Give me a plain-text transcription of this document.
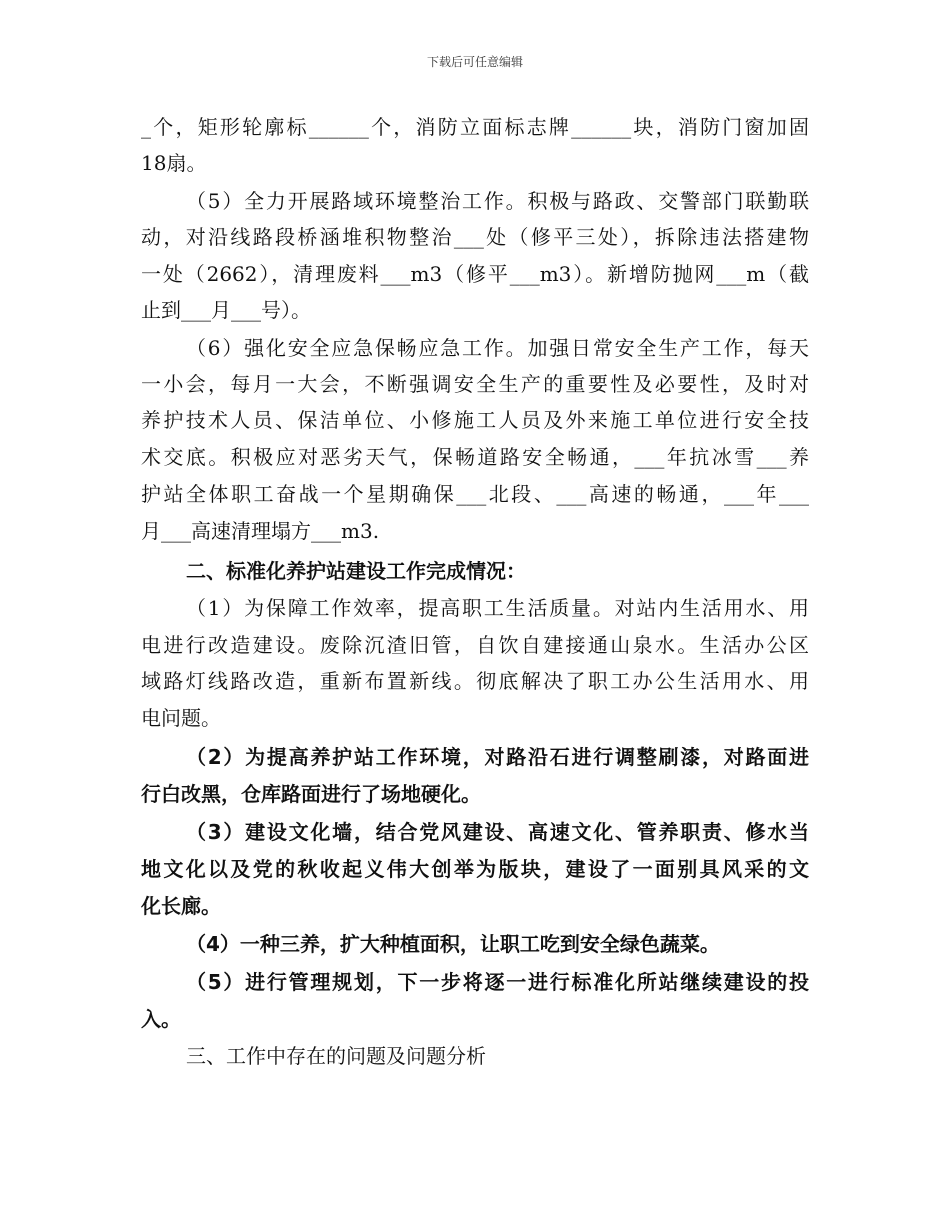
下载后可任意编辑
_个，矩形轮廓标______个，消防立面标志牌______块，消防门窗加固
18扇。
（5）全力开展路域环境整治工作。积极与路政、交警部门联勤联
动，对沿线路段桥涵堆积物整治___处（修平三处），拆除违法搭建物
一处（2662），清理废料___m3（修平___m3）。新增防抛网___m（截
止到___月___号）。
（6）强化安全应急保畅应急工作。加强日常安全生产工作，每天
一小会，每月一大会，不断强调安全生产的重要性及必要性，及时对
养护技术人员、保洁单位、小修施工人员及外来施工单位进行安全技
术交底。积极应对恶劣天气，保畅道路安全畅通，___年抗冰雪___养
护站全体职工奋战一个星期确保___北段、___高速的畅通，___年___
月___高速清理塌方___m3.
二、标准化养护站建设工作完成情况：
（1）为保障工作效率，提高职工生活质量。对站内生活用水、用
电进行改造建设。废除沉渣旧管，自饮自建接通山泉水。生活办公区
域路灯线路改造，重新布置新线。彻底解决了职工办公生活用水、用
电问题。
（2）为提高养护站工作环境，对路沿石进行调整刷漆，对路面进
行白改黑，仓库路面进行了场地硬化。
（3）建设文化墙，结合党风建设、高速文化、管养职责、修水当
地文化以及党的秋收起义伟大创举为版块，建设了一面别具风采的文
化长廊。
（4）一种三养，扩大种植面积，让职工吃到安全绿色蔬菜。
（5）进行管理规划，下一步将逐一进行标准化所站继续建设的投
入。
三、工作中存在的问题及问题分析
